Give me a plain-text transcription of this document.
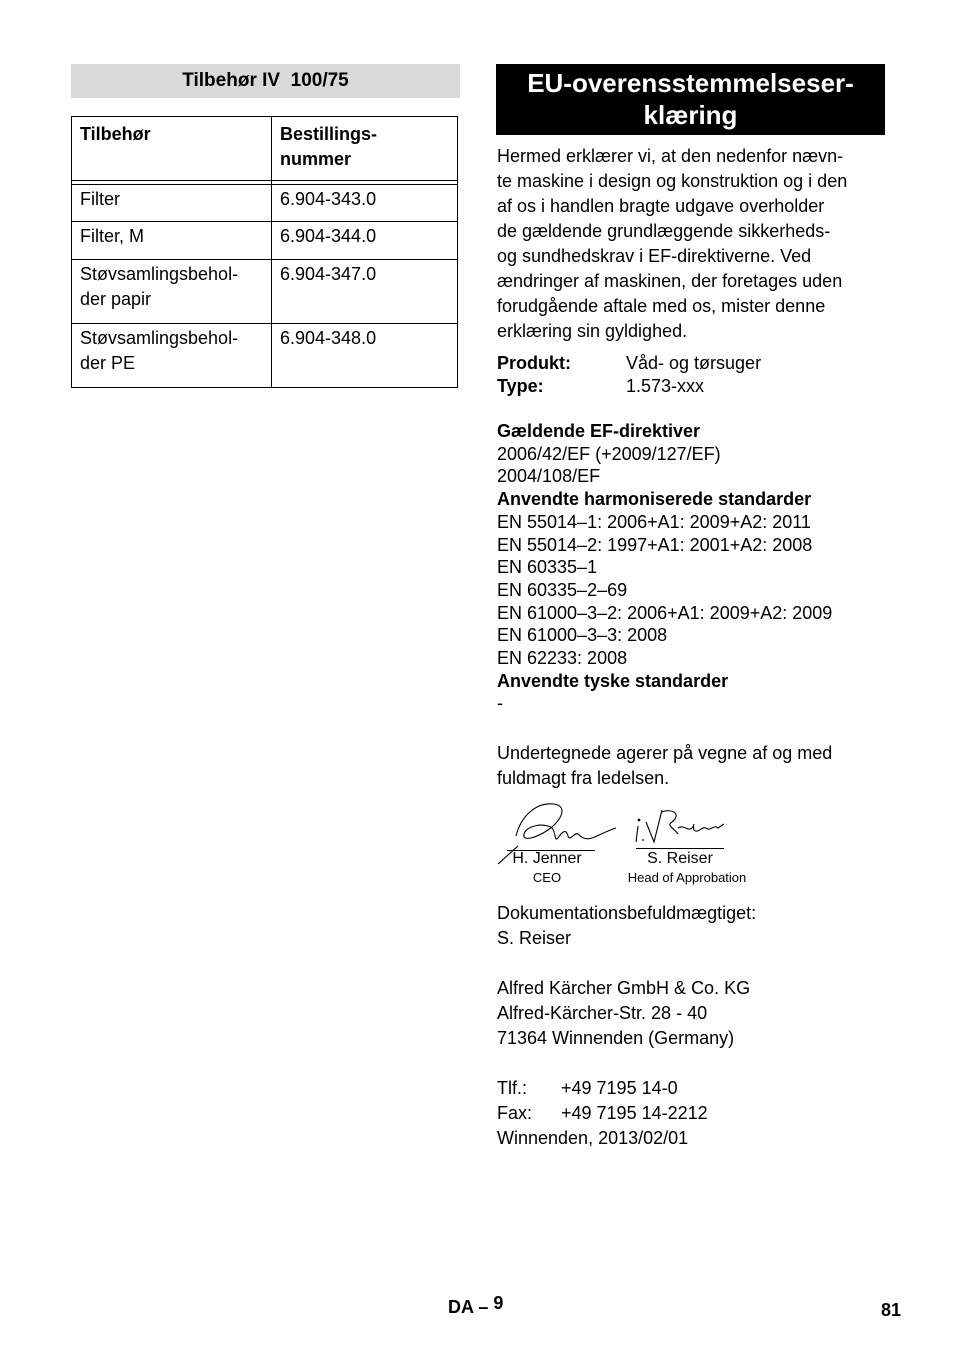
Tilbehør IV  100/75
Tilbehør	Bestillings-
nummer

Filter	6.904-343.0
Filter, M	6.904-344.0
Støvsamlingsbehol-
der papir	6.904-347.0
Støvsamlingsbehol-
der PE	6.904-348.0
EU-overensstemmelseser-
klæring
Hermed erklærer vi, at den nedenfor nævn-
te maskine i design og konstruktion og i den
af os i handlen bragte udgave overholder
de gældende grundlæggende sikkerheds-
og sundhedskrav i EF-direktiverne. Ved
ændringer af maskinen, der foretages uden
forudgående aftale med os, mister denne
erklæring sin gyldighed.
Produkt:	Våd- og tørsuger
Type:	1.573-xxx
Gældende EF-direktiver
2006/42/EF (+2009/127/EF)
2004/108/EF
Anvendte harmoniserede standarder
EN 55014–1: 2006+A1: 2009+A2: 2011
EN 55014–2: 1997+A1: 2001+A2: 2008
EN 60335–1
EN 60335–2–69
EN 61000–3–2: 2006+A1: 2009+A2: 2009
EN 61000–3–3: 2008
EN 62233: 2008
Anvendte tyske standarder
-
Undertegnede agerer på vegne af og med
fuldmagt fra ledelsen.
H. Jenner
CEO
S. Reiser
Head of Approbation
Dokumentationsbefuldmægtiget:
S. Reiser
Alfred Kärcher GmbH & Co. KG
Alfred-Kärcher-Str. 28 - 40
71364 Winnenden (Germany)

Tlf.: +49 7195 14-0

Fax: +49 7195 14-2212

Winnenden, 2013/02/01
DA – 9	81
